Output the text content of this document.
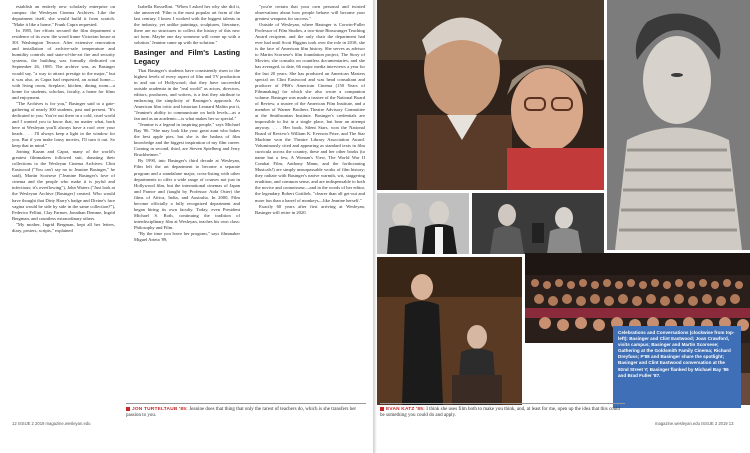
establish an entirely new scholarly enterprise on campus: the Wesleyan Cinema Archives. Like the department itself, she would build it from scratch. "Make it like a home," Frank Capra requested.

In 1985, her efforts secured the film department a residence of its own: the wood frame Victorian house at 301 Washington Terrace. After extensive renovation and installation of archive-safe temperature and humidity controls and state-of-the-art fire and security systems, the building was formally dedicated on September 26, 1985. The archive was, as Basinger would say, "a way to attract prestige to the major," but it was also, as Capra had requested, an actual home—with living room, fireplace, kitchen, dining room—a home for students, scholars, faculty, a home for films and enjoyment.

"The Archives is for you," Basinger said to a gate-gathering of nearly 300 students, past and present. "It's dedicated to you. You're out there in a cold, cruel world and I wanted you to know that, no matter what, back here at Wesleyan you'll always have a roof over your heads. . . . I'll always keep a light in the window for you. But if you make lousy movies, I'll turn it out. So keep that in mind."

Joining Kazan and Capra, many of the world's greatest filmmakers followed suit, donating their collections to the Wesleyan Cinema Archives: Clint Eastwood ("You can't say no to Jeanine Basinger," he said), Martin Scorsese ("Jeanine Basinger's love of cinema and the people who make it is joyful and infectious; it's overflowing"), John Waters ("Just look at the Wesleyan Archive [Basinger] created. Who would have thought that Dirty Harry's badge and Divine's face vagina would be side by side in the same collection?"), Federico Fellini, Clay Farmer, Jonathan Demme, Ingrid Bergman, and countless extraordinary others.

"My mother, Ingrid Bergman, kept all her letters, diary, posters, scripts," explained

Isabella Rossellini. "When I asked her why she did it, she answered: 'Film is the most popular art form of the last century. I know I worked with the biggest talents in the industry, yet unlike paintings, sculptures, literature, there are no structures to collect the history of this new art form. Maybe one day someone will come up with a solution.' Jeanine came up with the solution."

Basinger and Film's Lasting Legacy

That Basinger's students have consistently risen to the highest levels of every aspect of film and TV production in and out of Hollywood; that they have succeeded outside academia in the "real world" as actors, directors, editors, producers, and writers, is a feat they attribute to embracing the simplicity of Basinger's approach. As American film critic and historian Leonard Maltin put it, "Jeanine's ability to communicate on both levels—as a fan and as an academic—is what makes her so special."

"Jeanine is a legend in inspiring people," says Michael Bay '86. "She may look like your great aunt who bakes the best apple pies, but she is the badass of film knowledge and the biggest inspiration of my film career. Coming in second, third, are Steven Spielberg and Jerry Bruckheimer."

By 1990, into Basinger's third decade at Wesleyan, Film left the art department to become a separate program and a standalone major, cross-listing with other departments to offer a wide range of courses not just in Hollywood film, but the international cinemas of Japan and France and (taught by Professor Aida Oster) the films of Africa, India, and Australia. In 2000, Film become officially a fully recognized department and began hiring its own faculty. Today, even President Michael S. Roth, continuing the tradition of interdisciplinary film at Wesleyan, teaches his own class: Philosophy and Film.

"By the time you leave her program," says filmmaker Miguel Arteta '89,

"you're certain that your own personal and twisted observations about how people behave will become your greatest weapons for success."

Outside of Wesleyan, where Basinger is Corwin-Fuller Professor of Film Studies, a two-time Binswanger Teaching Award recipient, and the only chair the department had ever had until Scott Higgins took over the role in 2018, she is the face of American film history. She serves as advisor to Martin Scorsese's film foundation project, The Story of Movies; she consults on countless documentaries; and she has averaged, to date, 66 major media interviews a year for the last 20 years. She has produced an American Masters special on Clint Eastwood and was head consultant and producer of PBS's American Cinema (150 Years of Filmmaking) for which she also wrote a companion volume. Basinger was made a trustee of the National Board of Review, a trustee of the American Film Institute, and a member of Warner Brothers Theatre Advisory Committee at the Smithsonian Institute. Basinger's credentials are impossible to list in a single place, but bear an attempt anyway. . . . Her book, Silent Stars, won the National Board of Review's William K. Everson Prize, and The Star Machine won the Theatre Library Association Award. Voluminously cited and appearing as standard texts in film curricula across the country, these and her other books (to name but a few, A Woman's View, The World War II Combat Film, Anthony Mann, and the forthcoming Musicals!) are simply unsurpassable works of film history; they radiate with Basinger's native warmth, wit, staggering erudition, and common sense, and are indispensable to both the novice and connoisseur—and in the words of her editor, the legendary Robert Gottlieb, "clearer than all get-out and more fun than a barrel of monkeys—like Jeanine herself."

Exactly 60 years after first arriving at Wesleyan, Basinger will retire in 2020.

Celebrations and Conversations (clockwise from top-left): Basinger and Clint Eastwood; Joan Crawford, visits campus; Basinger and Martin Scorsese; Gathering at the Goldsmith Family Cinema; Richard Dreyfuss; P'88 and Basinger share the spotlight; Basinger and Clint Eastwood conversation at the 92nd Street Y; Basinger flanked by Michael Bay '86 and Brad Fuller '87.
JON TURTELTAUB '85: Jeanine does that thing that only the rarest of teachers do, which is she transfers her passion to you.
EVAN KATZ '85: I think she uses film both to make you think, and, at least for me, open up the idea that this could be something you could do and apply.
12 ISSUE 2 2019 magazine.wesleyan.edu	magazine.wesleyan.edu ISSUE 2 2019 13
